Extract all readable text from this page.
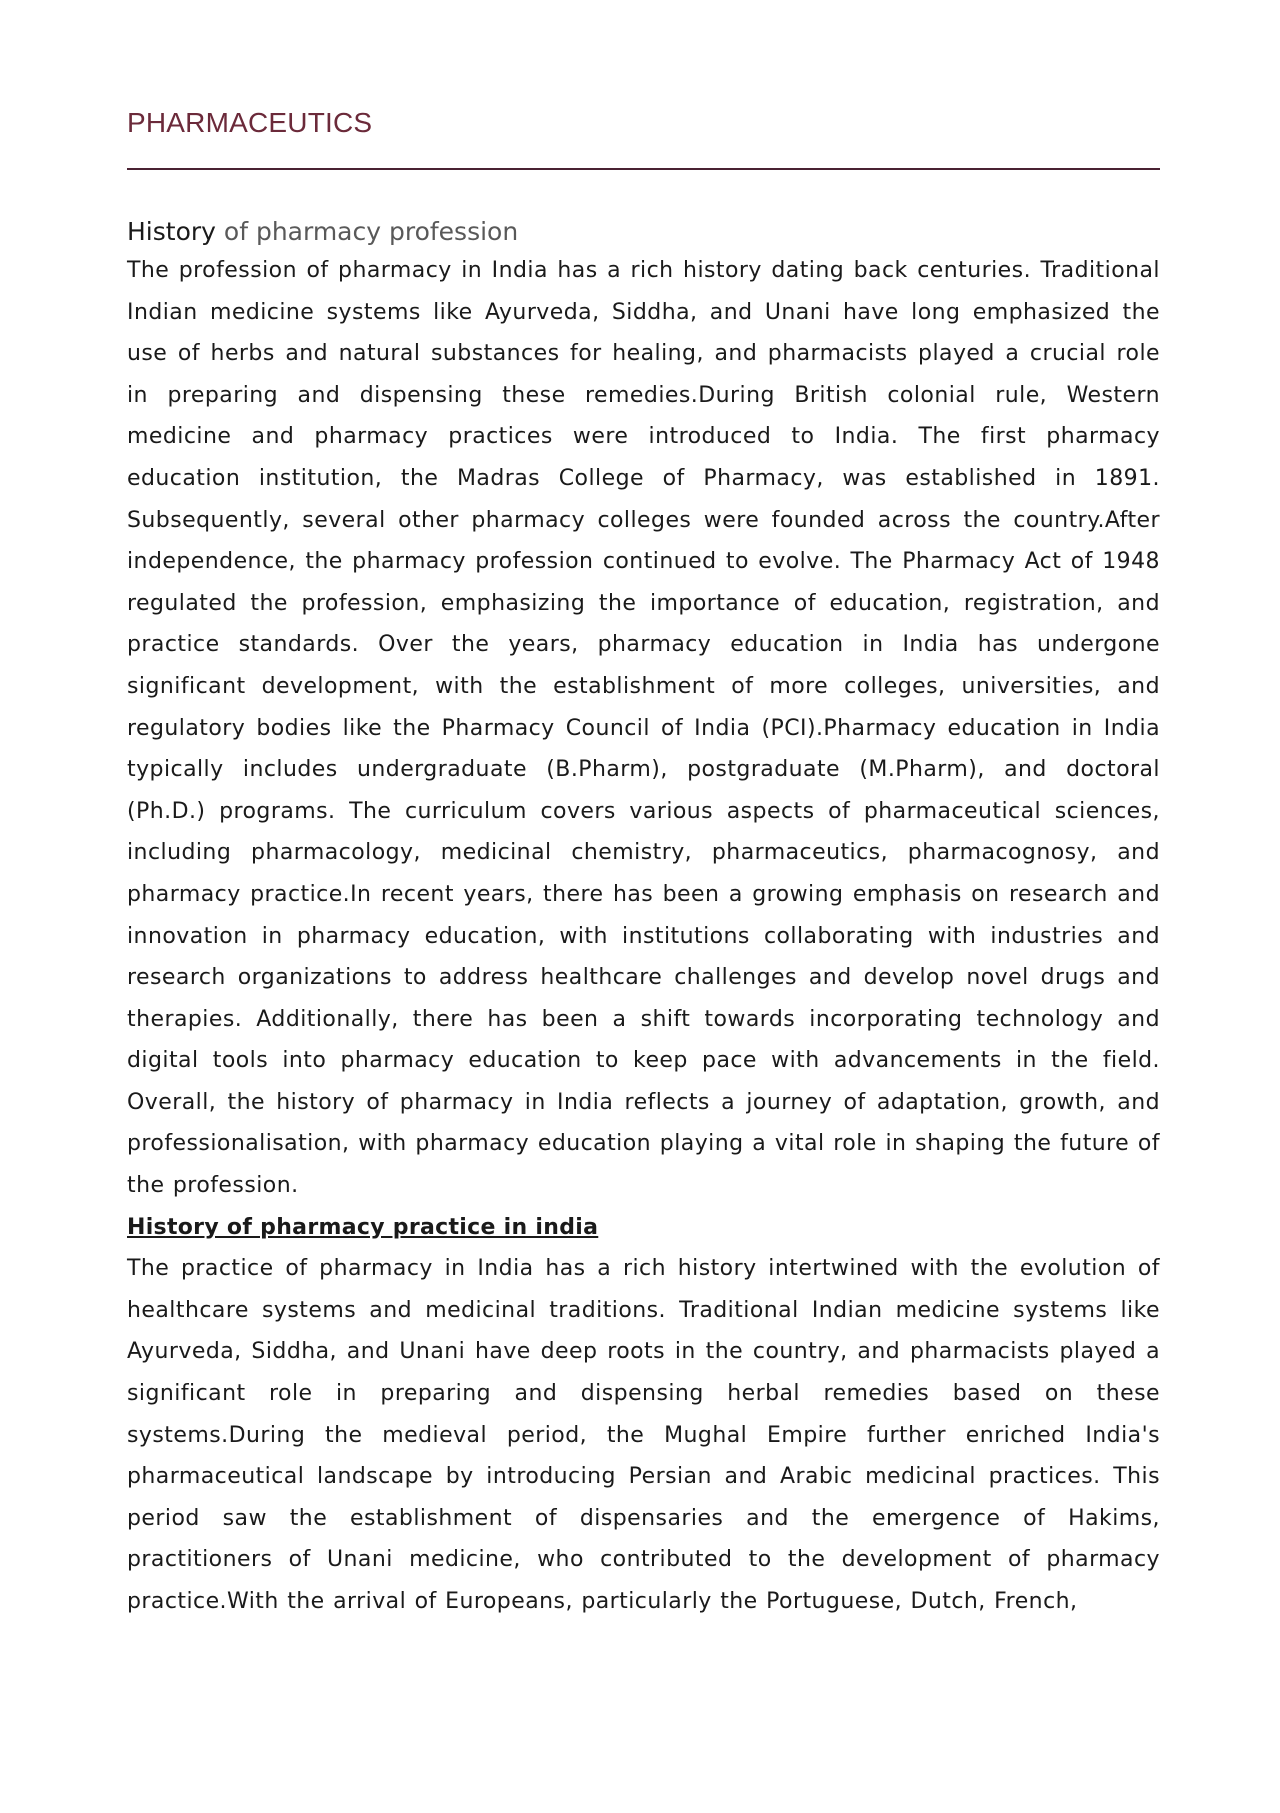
PHARMACEUTICS
History of pharmacy profession

The profession of pharmacy in India has a rich history dating back centuries. Traditional Indian medicine systems like Ayurveda, Siddha, and Unani have long emphasized the use of herbs and natural substances for healing, and pharmacists played a crucial role in preparing and dispensing these remedies.During British colonial rule, Western medicine and pharmacy practices were introduced to India. The first pharmacy education institution, the Madras College of Pharmacy, was established in 1891. Subsequently, several other pharmacy colleges were founded across the country.After independence, the pharmacy profession continued to evolve. The Pharmacy Act of 1948 regulated the profession, emphasizing the importance of education, registration, and practice standards. Over the years, pharmacy education in India has undergone significant development, with the establishment of more colleges, universities, and regulatory bodies like the Pharmacy Council of India (PCI).Pharmacy education in India typically includes undergraduate (B.Pharm), postgraduate (M.Pharm), and doctoral (Ph.D.) programs. The curriculum covers various aspects of pharmaceutical sciences, including pharmacology, medicinal chemistry, pharmaceutics, pharmacognosy, and pharmacy practice.In recent years, there has been a growing emphasis on research and innovation in pharmacy education, with institutions collaborating with industries and research organizations to address healthcare challenges and develop novel drugs and therapies. Additionally, there has been a shift towards incorporating technology and digital tools into pharmacy education to keep pace with advancements in the field. Overall, the history of pharmacy in India reflects a journey of adaptation, growth, and professionalisation, with pharmacy education playing a vital role in shaping the future of the profession.

History of pharmacy practice in india

The practice of pharmacy in India has a rich history intertwined with the evolution of healthcare systems and medicinal traditions. Traditional Indian medicine systems like Ayurveda, Siddha, and Unani have deep roots in the country, and pharmacists played a significant role in preparing and dispensing herbal remedies based on these systems.During the medieval period, the Mughal Empire further enriched India's pharmaceutical landscape by introducing Persian and Arabic medicinal practices. This period saw the establishment of dispensaries and the emergence of Hakims, practitioners of Unani medicine, who contributed to the development of pharmacy practice.With the arrival of Europeans, particularly the Portuguese, Dutch, French,
